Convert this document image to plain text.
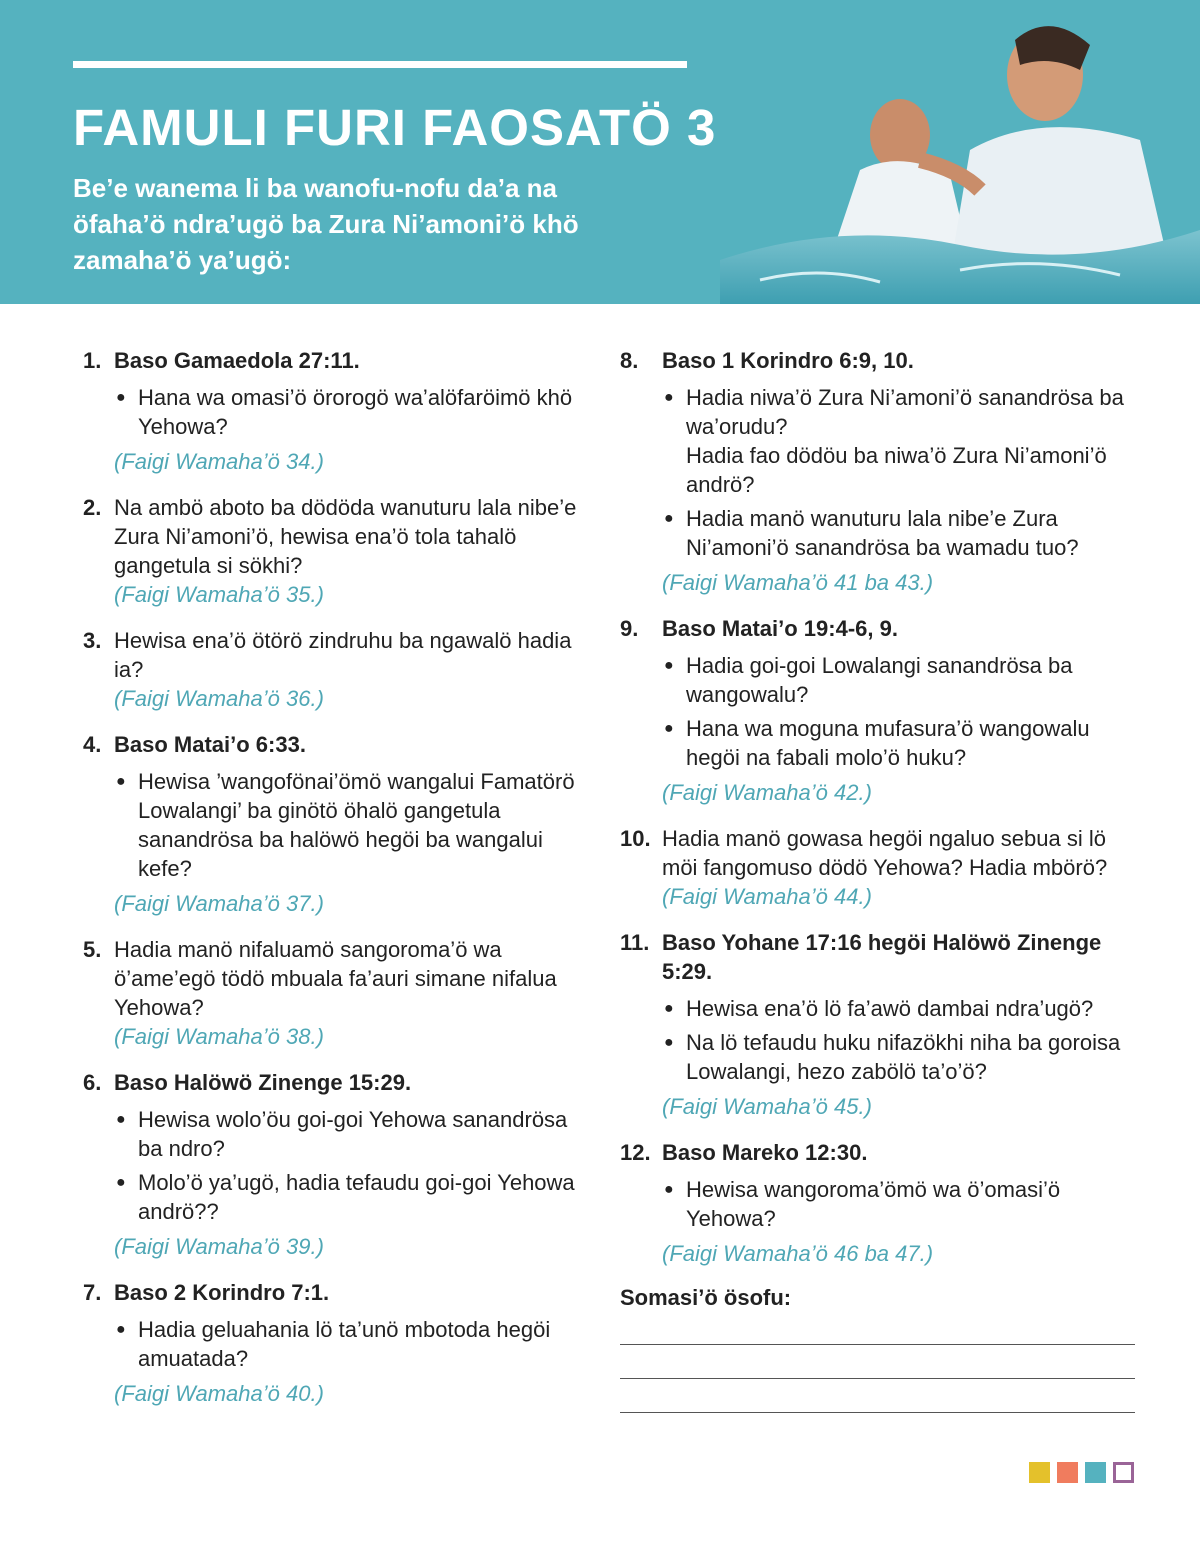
FAMULI FURI FAOSATÖ 3
Be’e wanema li ba wanofu-nofu da’a na öfaha’ö ndra’ugö ba Zura Ni’amoni’ö khö zamaha’ö ya’ugö:
1. Baso Gamaedola 27:11.
● Hana wa omasi’ö örorogö wa’alöfaröimö khö Yehowa?
(Faigi Wamaha’ö 34.)
2. Na ambö aboto ba dödöda wanuturu lala nibe’e Zura Ni’amoni’ö, hewisa ena’ö tola tahalö gangetula si sökhi?
(Faigi Wamaha’ö 35.)
3. Hewisa ena’ö ötörö zindruhu ba ngawalö hadia ia?
(Faigi Wamaha’ö 36.)
4. Baso Matai’o 6:33.
● Hewisa ’wangofönai’ömö wangalui Famatörö Lowalangi’ ba ginötö öhalö gangetula sanandrösa ba halöwö hegöi ba wangalui kefe?
(Faigi Wamaha’ö 37.)
5. Hadia manö nifaluamö sangoroma’ö wa ö’ame’egö tödö mbuala fa’auri simane nifalua Yehowa?
(Faigi Wamaha’ö 38.)
6. Baso Halöwö Zinenge 15:29.
● Hewisa wolo’öu goi-goi Yehowa sanandrösa ba ndro?
● Molo’ö ya’ugö, hadia tefaudu goi-goi Yehowa andrö??
(Faigi Wamaha’ö 39.)
7. Baso 2 Korindro 7:1.
● Hadia geluahania lö ta’unö mbotoda hegöi amuatada?
(Faigi Wamaha’ö 40.)
8.	Baso 1 Korindro 6:9, 10.
● Hadia niwa’ö Zura Ni’amoni’ö sanandrösa ba wa’orudu?
Hadia fao dödöu ba niwa’ö Zura Ni’amoni’ö andrö?
● Hadia manö wanuturu lala nibe’e Zura Ni’amoni’ö sanandrösa ba wamadu tuo?
(Faigi Wamaha’ö 41 ba 43.)
9.	Baso Matai’o 19:4-6, 9.
● Hadia goi-goi Lowalangi sanandrösa ba wangowalu?
● Hana wa moguna mufasura’ö wangowalu hegöi na fabali molo’ö huku?
(Faigi Wamaha’ö 42.)
10. Hadia manö gowasa hegöi ngaluo sebua si lö möi fangomuso dödö Yehowa? Hadia mbörö?
(Faigi Wamaha’ö 44.)
11. Baso Yohane 17:16 hegöi Halöwö Zinenge 5:29.
● Hewisa ena’ö lö fa’awö dambai ndra’ugö?
● Na lö tefaudu huku nifazökhi niha ba goroisa Lowalangi, hezo zabölö ta’o’ö?
(Faigi Wamaha’ö 45.)
12. Baso Mareko 12:30.
● Hewisa wangoroma’ömö wa ö’omasi’ö Yehowa?
(Faigi Wamaha’ö 46 ba 47.)
Somasi’ö ösofu:
